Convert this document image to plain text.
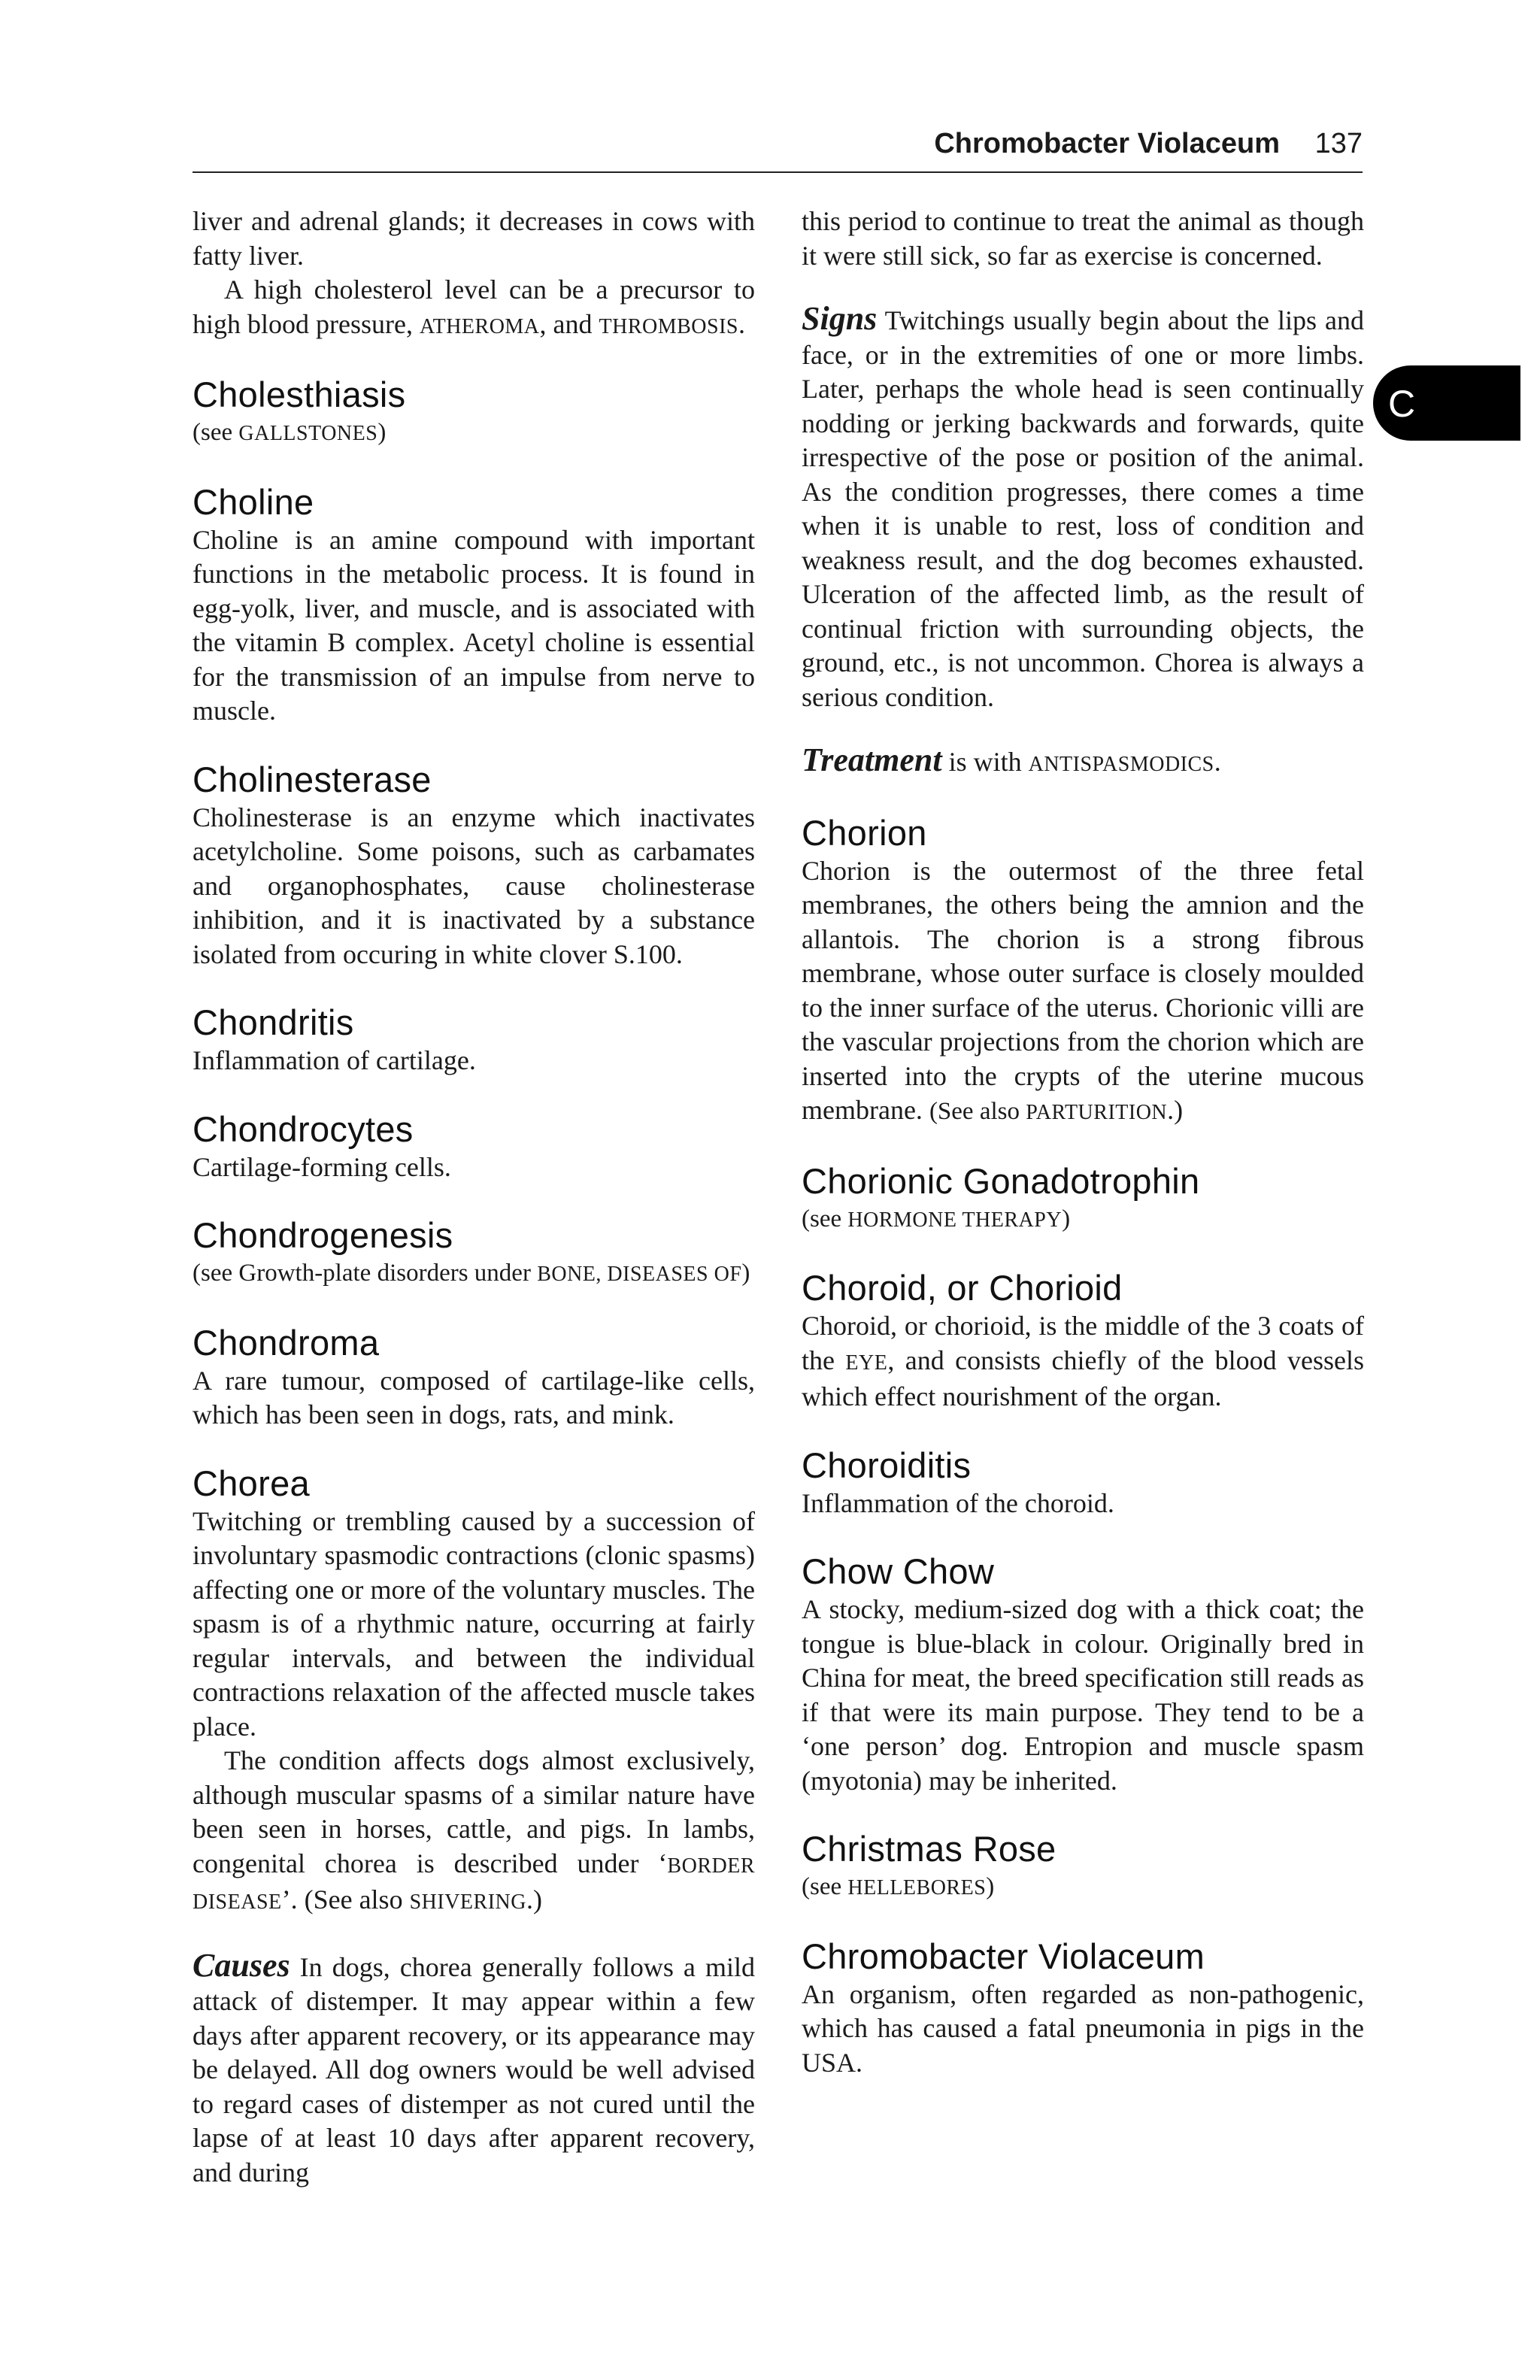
Chromobacter Violaceum 137
C

liver and adrenal glands; it decreases in cows with fatty liver.

A high cholesterol level can be a precursor to high blood pressure, ATHEROMA, and THROMBOSIS.

Cholesthiasis

(see GALLSTONES)

Choline

Choline is an amine compound with important functions in the metabolic process. It is found in egg-yolk, liver, and muscle, and is associated with the vitamin B complex. Acetyl choline is essential for the transmission of an impulse from nerve to muscle.

Cholinesterase

Cholinesterase is an enzyme which inactivates acetylcholine. Some poisons, such as carbamates and organophosphates, cause cholinesterase inhibition, and it is inactivated by a substance isolated from occuring in white clover S.100.

Chondritis

Inflammation of cartilage.

Chondrocytes

Cartilage-forming cells.

Chondrogenesis

(see Growth-plate disorders under BONE, DISEASES OF)

Chondroma

A rare tumour, composed of cartilage-like cells, which has been seen in dogs, rats, and mink.

Chorea

Twitching or trembling caused by a succession of involuntary spasmodic contractions (clonic spasms) affecting one or more of the voluntary muscles. The spasm is of a rhythmic nature, occurring at fairly regular intervals, and between the individual contractions relaxation of the affected muscle takes place.

The condition affects dogs almost exclusively, although muscular spasms of a similar nature have been seen in horses, cattle, and pigs. In lambs, congenital chorea is described under ‘BORDER DISEASE’. (See also SHIVERING.)

Causes In dogs, chorea generally follows a mild attack of distemper. It may appear within a few days after apparent recovery, or its appearance may be delayed. All dog owners would be well advised to regard cases of distemper as not cured until the lapse of at least 10 days after apparent recovery, and during

this period to continue to treat the animal as though it were still sick, so far as exercise is concerned.

Signs Twitchings usually begin about the lips and face, or in the extremities of one or more limbs. Later, perhaps the whole head is seen continually nodding or jerking backwards and forwards, quite irrespective of the pose or position of the animal. As the condition progresses, there comes a time when it is unable to rest, loss of condition and weakness result, and the dog becomes exhausted. Ulceration of the affected limb, as the result of continual friction with surrounding objects, the ground, etc., is not uncommon. Chorea is always a serious condition.

Treatment is with ANTISPASMODICS.

Chorion

Chorion is the outermost of the three fetal membranes, the others being the amnion and the allantois. The chorion is a strong fibrous membrane, whose outer surface is closely moulded to the inner surface of the uterus. Chorionic villi are the vascular projections from the chorion which are inserted into the crypts of the uterine mucous membrane. (See also PARTURITION.)

Chorionic Gonadotrophin

(see HORMONE THERAPY)

Choroid, or Chorioid

Choroid, or chorioid, is the middle of the 3 coats of the EYE, and consists chiefly of the blood vessels which effect nourishment of the organ.

Choroiditis

Inflammation of the choroid.

Chow Chow

A stocky, medium-sized dog with a thick coat; the tongue is blue-black in colour. Originally bred in China for meat, the breed specification still reads as if that were its main purpose. They tend to be a ‘one person’ dog. Entropion and muscle spasm (myotonia) may be inherited.

Christmas Rose

(see HELLEBORES)

Chromobacter Violaceum

An organism, often regarded as non-pathogenic, which has caused a fatal pneumonia in pigs in the USA.
